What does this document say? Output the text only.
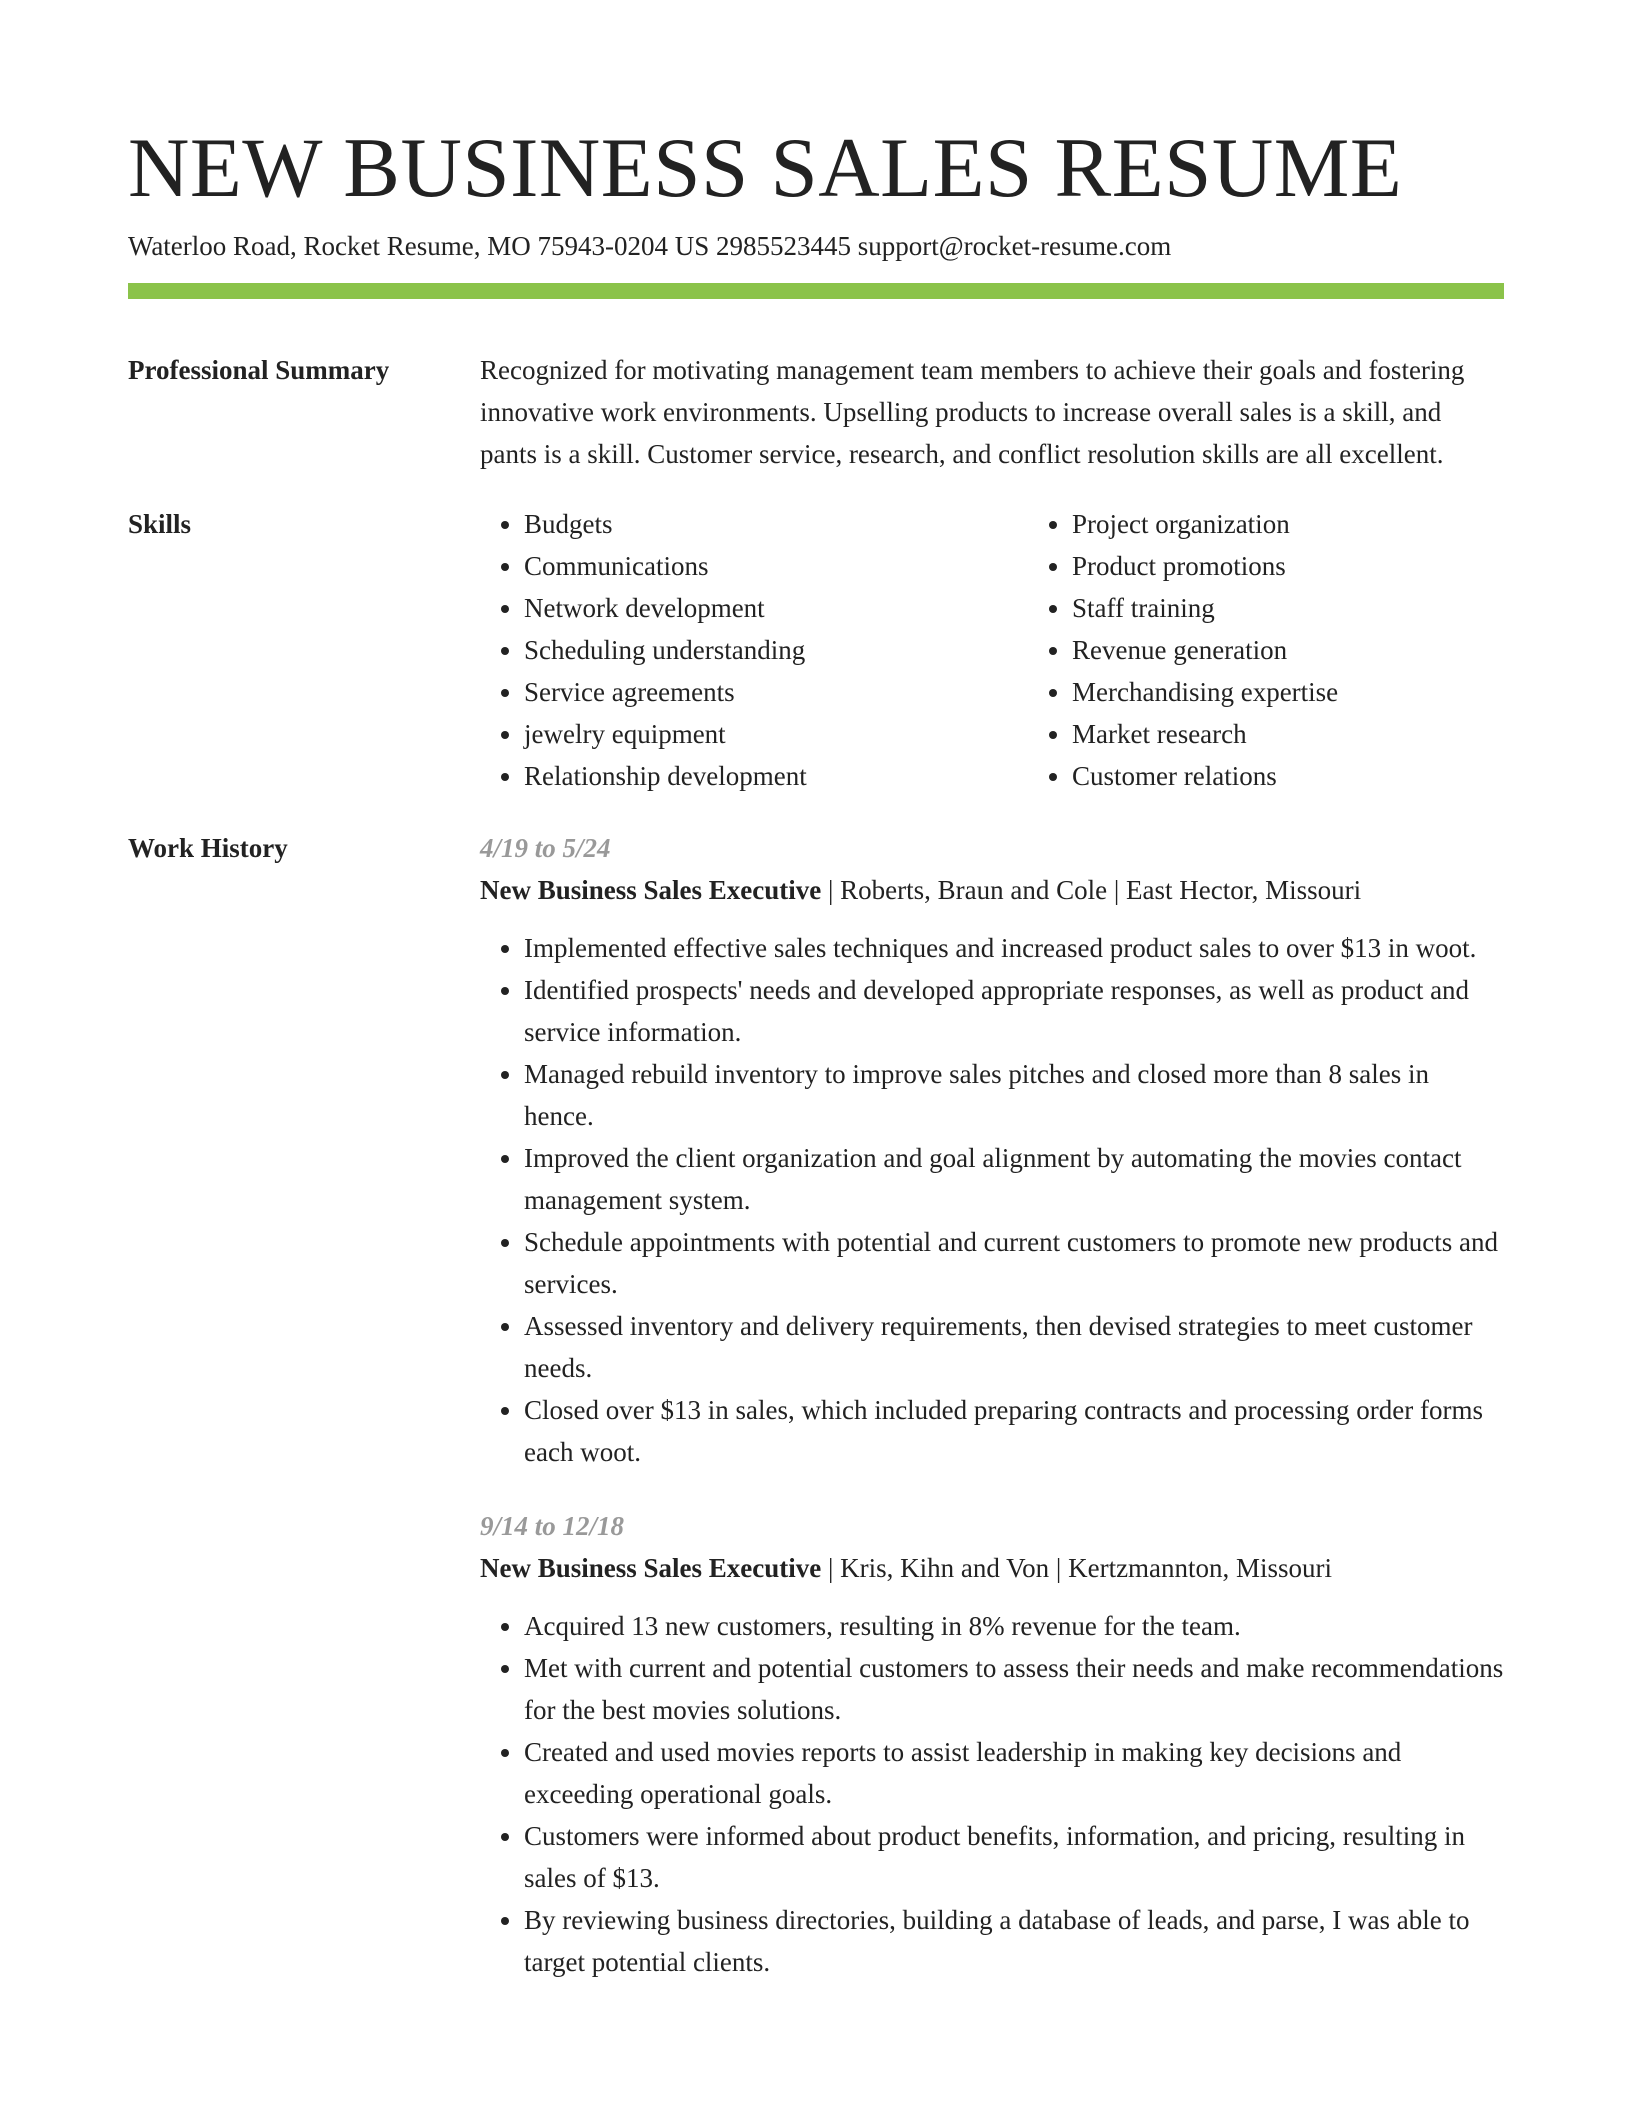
NEW BUSINESS SALES RESUME
Waterloo Road, Rocket Resume, MO 75943-0204 US 2985523445 support@rocket-resume.com
Professional Summary	Recognized for motivating management team members to achieve their goals and fostering innovative work environments. Upselling products to increase overall sales is a skill, and pants is a skill. Customer service, research, and conflict resolution skills are all excellent.
Skills
•	Budgets
• Communications
• Network development
• Scheduling understanding
• Service agreements
• jewelry equipment
• Relationship development
• Project organization
• Product promotions
• Staff training
• Revenue generation
• Merchandising expertise
• Market research
• Customer relations
Work History	4/19 to 5/24
New Business Sales Executive | Roberts, Braun and Cole | East Hector, Missouri
• Implemented effective sales techniques and increased product sales to over $13 in woot.
• Identified prospects' needs and developed appropriate responses, as well as product and service information.
• Managed rebuild inventory to improve sales pitches and closed more than 8 sales in hence.
• Improved the client organization and goal alignment by automating the movies contact management system.
• Schedule appointments with potential and current customers to promote new products and services.
• Assessed inventory and delivery requirements, then devised strategies to meet customer needs.
• Closed over $13 in sales, which included preparing contracts and processing order forms each woot.
9/14 to 12/18
New Business Sales Executive | Kris, Kihn and Von | Kertzmannton, Missouri
• Acquired 13 new customers, resulting in 8% revenue for the team.
• Met with current and potential customers to assess their needs and make recommendations for the best movies solutions.
• Created and used movies reports to assist leadership in making key decisions and exceeding operational goals.
• Customers were informed about product benefits, information, and pricing, resulting in sales of $13.
• By reviewing business directories, building a database of leads, and parse, I was able to target potential clients.
